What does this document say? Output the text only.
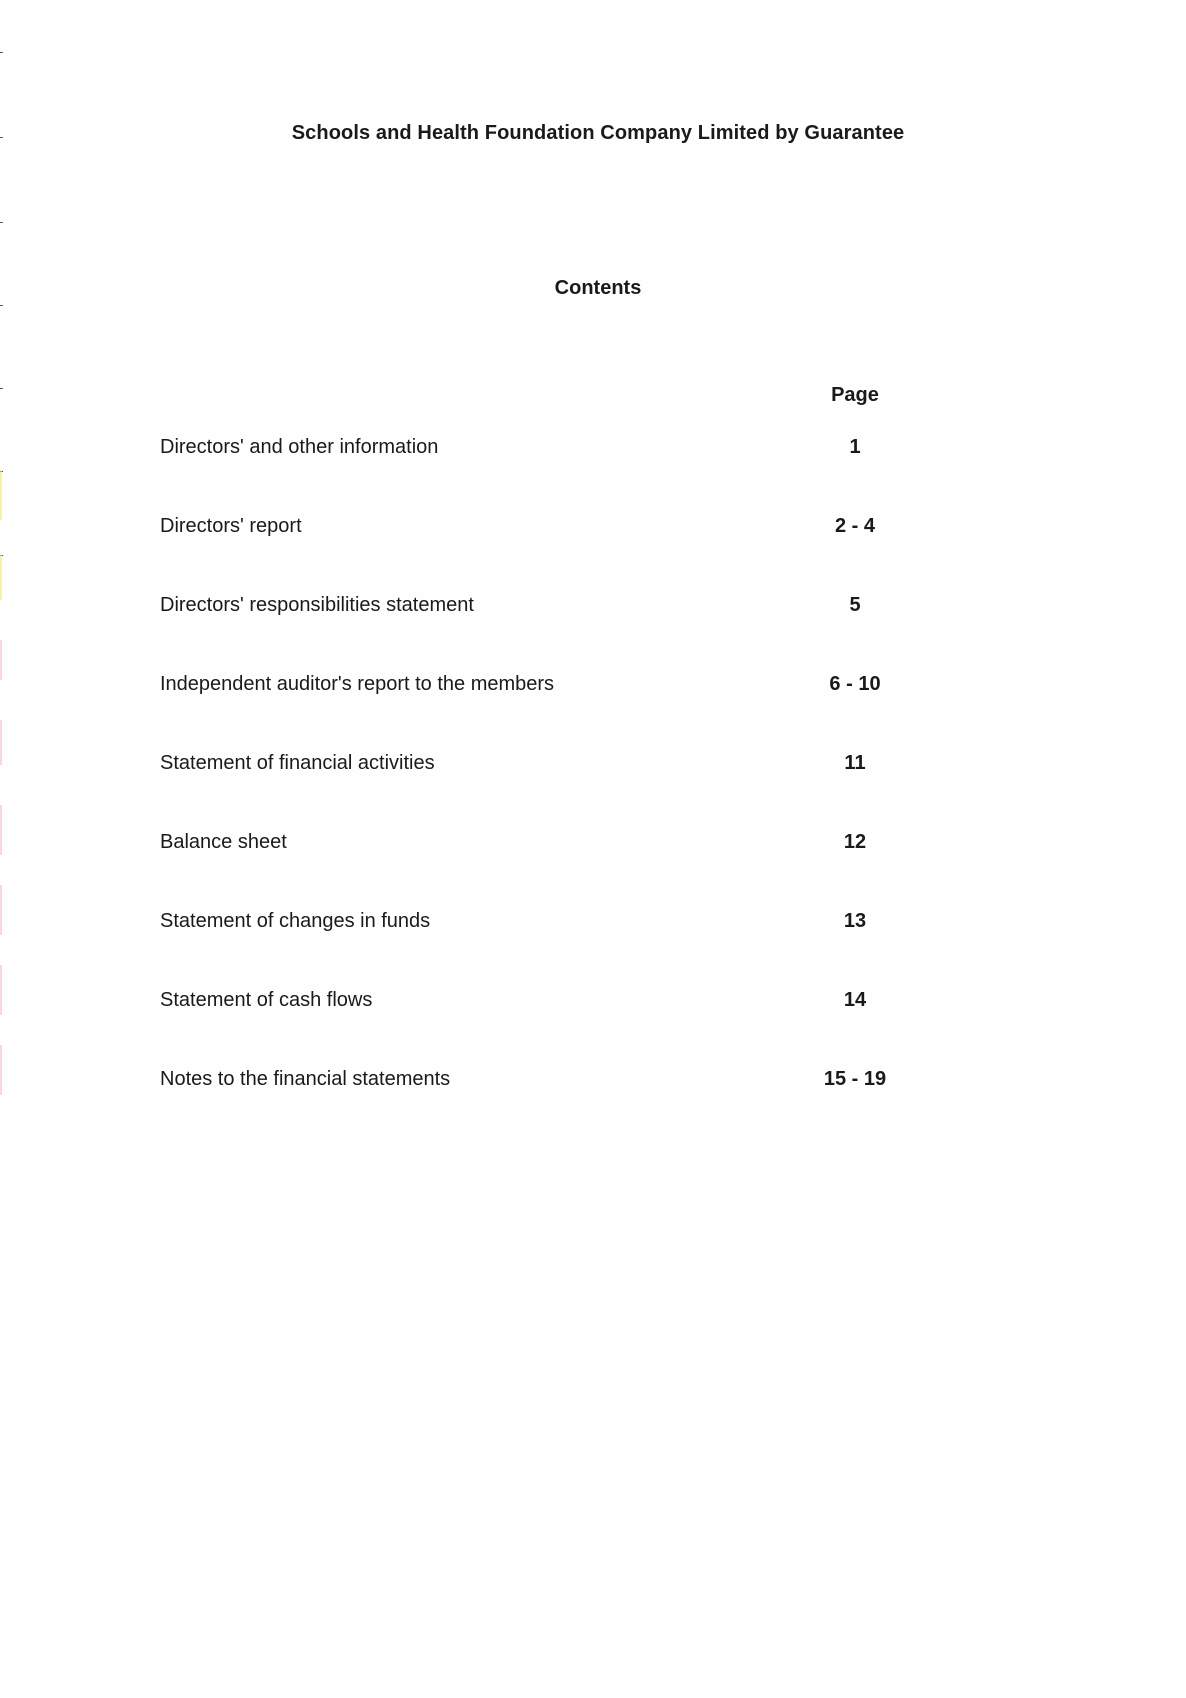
Schools and Health Foundation Company Limited by Guarantee
Contents
Page
Directors' and other information	1
Directors' report	2 - 4
Directors' responsibilities statement	5
Independent auditor's report to the members	6 - 10
Statement of financial activities	11
Balance sheet	12
Statement of changes in funds	13
Statement of cash flows	14
Notes to the financial statements	15 - 19
